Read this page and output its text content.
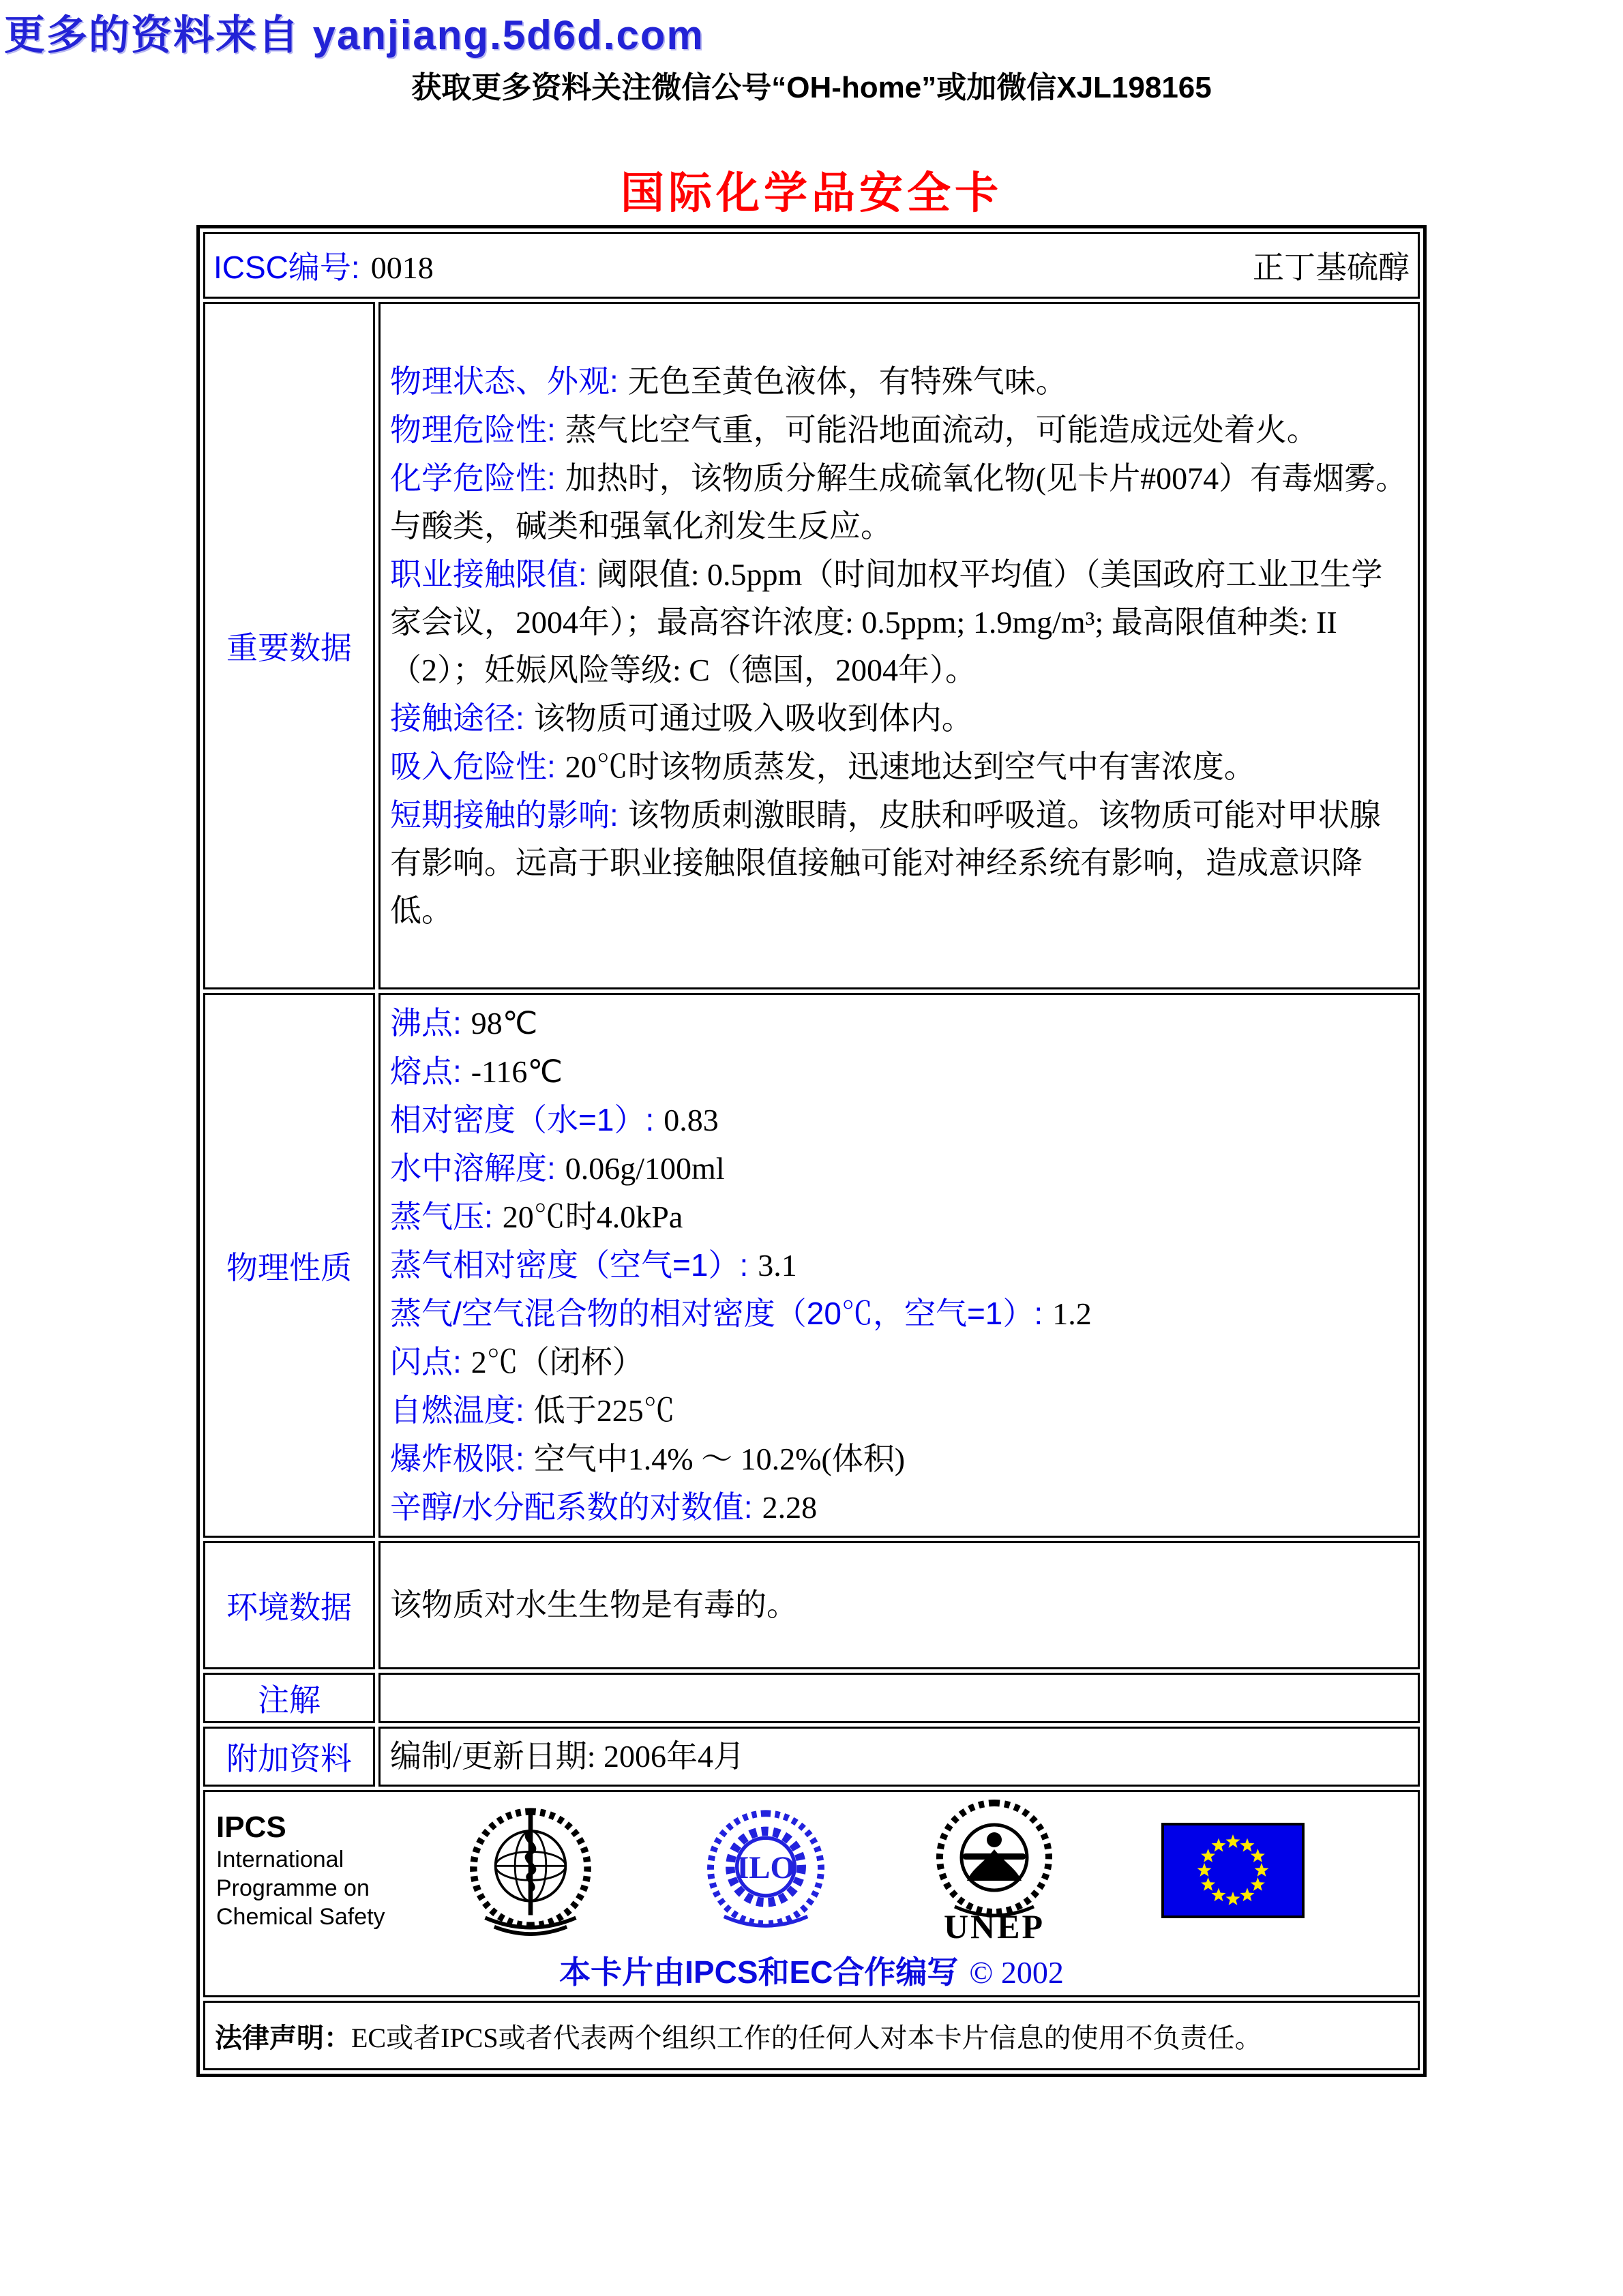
更多的资料来自 yanjiang.5d6d.com
获取更多资料关注微信公号“OH-home”或加微信XJL198165
国际化学品安全卡
ICSC编号: 0018 正丁基硫醇	

重要数据	
物理状态、外观: 无色至黄色液体，有特殊气味。
物理危险性: 蒸气比空气重，可能沿地面流动，可能造成远处着火。
化学危险性: 加热时，该物质分解生成硫氧化物(见卡片#0074）有毒烟雾。与酸类，碱类和强氧化剂发生反应。
职业接触限值: 阈限值: 0.5ppm（时间加权平均值）（美国政府工业卫生学家会议，2004年）；最高容许浓度: 0.5ppm; 1.9mg/m³; 最高限值种类: II（2）；妊娠风险等级: C（德国，2004年）。
接触途径: 该物质可通过吸入吸收到体内。
吸入危险性: 20℃时该物质蒸发，迅速地达到空气中有害浓度。
短期接触的影响: 该物质刺激眼睛，皮肤和呼吸道。该物质可能对甲状腺有影响。远高于职业接触限值接触可能对神经系统有影响，造成意识降低。

物理性质	
沸点: 98℃
熔点: -116℃
相对密度（水=1）: 0.83
水中溶解度: 0.06g/100ml
蒸气压: 20℃时4.0kPa
蒸气相对密度（空气=1）: 3.1
蒸气/空气混合物的相对密度（20℃，空气=1）: 1.2
闪点: 2℃（闭杯）
自燃温度: 低于225℃
爆炸极限: 空气中1.4% ～ 10.2%(体积)
辛醇/水分配系数的对数值: 2.28

环境数据	该物质对水生生物是有毒的。
注解	
附加资料	编制/更新日期: 2006年4月

IPCS
International
Programme on
Chemical Safety
ILO
UNEP
本卡片由IPCS和EC合作编写 © 2002

法律声明：EC或者IPCS或者代表两个组织工作的任何人对本卡片信息的使用不负责任。	
